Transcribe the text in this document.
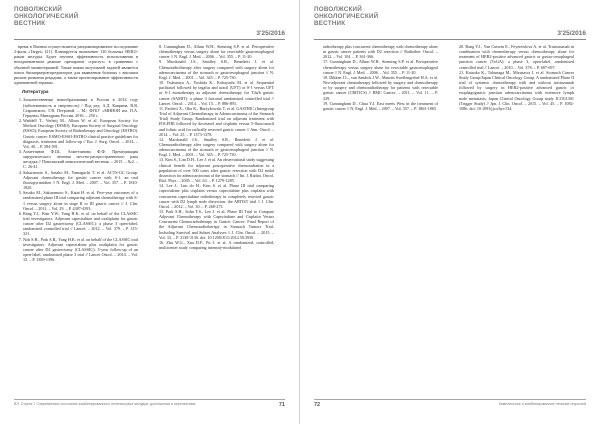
ПОВОЛЖСКИЙ
ОНКОЛОГИЧЕСКИЙ
ВЕСТНИК
3'25/2016

время в Японии осуществляется рандомизированное исследование 2-фазы «Target» [21]. Планируется включение 130 больных HER2+ раком желудка. Будет изучена эффективность использования в неоадъювантном режиме препаратов «трастуз» в сравнении с обычной химиотерапией. Также важна актуальной задачей являются поиск биомаркеров-предикторов для выявления больных с высоким риском развития рецидива, а также прогнозирование эффективности адъювантной терапии.

Литература
1. Злокачественные новообразования в России в 2014 году (заболеваемость и смертность) / Под ред. А.Д. Каприна, В.В. Старинского, Г.В. Петровой. – М.: ФГБУ «МНИОИ им. П.А. Герцена» Минздрава России, 2016. – 250 с.
2. Waddell T., Verheij M., Allum W. et al. European Society for Medical Oncology (ESMO); European Society of Surgical Oncology (ESSO); European Society of Radiotherapy and Oncology (ESTRO). Gastric cancer: ESMO-ESSO-ESTRO clinical practice guidelines for diagnosis, treatment and follow-up // Eur. J. Surg. Oncol. – 2014. – Vol. 40. – P. 584-591.
3. Ахметзянов Ф.Ш., Ахметзянова Ф.Ф. Премедикация хирургического лечения местно-распространенного рака желудка // Поволжский онкологический вестник. – 2015. – №2. – С. 26-41.
4. Sakuramoto S., Sasako M., Yamaguchi T. et al. ACTS-GC Group. Adjuvant chemotherapy for gastric cancer with S-1, an oral fluoropyrimidine // N. Engl. J. Med. – 2007. – Vol. 357. – P. 1810-1820.
5. Sasako M., Sakuramoto S., Katai H. et al. Five-year outcomes of a randomized phase III trial comparing adjuvant chemotherapy with S-1 versus surgery alone in stage II or III gastric cancer // J. Clin. Oncol. – 2011. – Vol. 29. – P. 4387-4393.
6. Bang Y.J., Kim Y.W., Yang H.K. et al. on behalf of the CLASSIC trial investigators. Adjuvant capecitabine and oxaliplatin for gastric cancer after D2 gastrectomy (CLASSIC): a phase 3 open-label, randomised controlled trial // Lancet. – 2012. – Vol. 379. – P. 315-321.
7. Noh S.H., Park S.R., Yang H.K. et al. on behalf of the CLASSIC trial investigators. Adjuvant capecitabine plus oxaliplatin for gastric cancer after D2 gastrectomy (CLASSIC): 5-year follow-up of an open-label, randomised phase 3 trial // Lancet Oncol. – 2014. – Vol. 15. – P. 1389-1396.
8. Cunningham D., Allum W.H., Stenning S.P. et al. Perioperative chemotherapy versus surgery alone for resectable gastroesophageal cancer // N. Engl. J. Med. – 2006. – Vol. 355. – P. 11-20.
9. Macdonald J.S., Smalley S.R., Benedetti J. et al. Chemoradiotherapy after surgery compared with surgery alone for adenocarcinoma of the stomach or gastroesophageal junction // N. Engl. J. Med. – 2001. – Vol. 345. – P. 725-730.
10. Tsuburaya A., Yoshida K., Kobayashi M. et al. Sequential paclitaxel followed by tegafur and uracil (UFT) or S-1 versus UFT or S-1 monotherapy as adjuvant chemotherapy for T4a/b gastric cancer (SAMIT): a phase 3 factorial randomised controlled trial // Lancet. Oncol. – 2014. – Vol. 15. – P. 886-893.
11. Paoletti X., Oba K., Burzykowski T. et al. GASTRIC (Intergroup Trial of Adjuvant Chemotherapy in Adenocarcinoma of the Stomach Trial) Study Group. Randomized trial on adjuvant treatment with FOLFIRI followed by docetaxel and cisplatin versus 5-fluorouracil and folinic acid for radically resected gastric cancer // Ann. Oncol. – 2014. – Vol. 25. – P. 1373-1378.
12. Macdonald J.S., Smalley S.R., Benedetti J. et al. Chemoradiotherapy after surgery compared with surgery alone for adenocarcinoma of the stomach or gastroesophageal junction // N. Engl. J. Med. – 2001. – Vol. 345. – P. 725-730.
13. Kim S., Lim D.H., Lee J. et al. An observational study suggesting clinical benefit for adjuvant postoperative chemoradiation in a population of over 500 cases after gastric resection with D2 nodal dissection for adenocarcinoma of the stomach // Int. J. Radiat. Oncol. Biol. Phys. – 2005. – Vol. 63. – P. 1279-1285.
14. Lee J., Lim do H., Kim S. et al. Phase III trial comparing capecitabine plus cisplatin versus capecitabine plus cisplatin with concurrent capecitabine radiotherapy in completely resected gastric cancer with D2 lymph node dissection: the ARTIST trial // J. Clin. Oncol. – 2012. – Vol. 30. – P. 268-273.
15. Park S.H., Sohn T.S., Lee J. et al. Phase III Trial to Compare Adjuvant Chemotherapy with Capecitabine and Cisplatin Versus Concurrent Chemoradiotherapy in Gastric Cancer: Final Report of the Adjuvant Chemoradiotherapy in Stomach Tumors Trial, Including Survival and Subset Analyses // J. Clin. Oncol. – 2015. – Vol. 33. – P. 3130-3136. doi: 10.1200/JCO.2014.58.3930.
16. Zhu W.G., Xua D.F., Pu J. et al. A randomized, controlled, multicenter study comparing intensity-modulated
ВЛ. Стрелк 7 Современное состояние комбинированного лечения рака желудка: достижения и перспективы	71
ПОВОЛЖСКИЙ
ОНКОЛОГИЧЕСКИЙ
ВЕСТНИК
3'25/2016
radiotherapy plus concurrent chemotherapy with chemotherapy alone in gastric cancer patients with D2 resection // Radiother. Oncol. – 2012. – Vol. 104. – P. 361-366.
17. Cunningham D., Allum W.H., Stenning S.P. et al. Perioperative chemotherapy versus surgery alone for resectable gastroesophageal cancer // N. Engl. J. Med. – 2006. – Vol. 355. – P. 11-20.
18. Dikken J.L., van Sandick J.W., Maurits Swellengrebel H.A. et al. Neo-adjuvant chemotherapy followed by surgery and chemotherapy or by surgery and chemoradiotherapy for patients with resectable gastric cancer (CRITICS) // BMC Cancer. – 2011. – Vol. 11. – P. 329.
19. Cunningham D., Chua Y.J. East meets West in the treatment of gastric cancer // N. Engl. J. Med. – 2007. – Vol. 357. – P. 1863-1865.
20. Bang Y.J., Van Cutsem E., Feyereislova A. et al. Trastuzumab in combination with chemotherapy versus chemotherapy alone for treatment of HER2-positive advanced gastric or gastro-oesophageal junction cancer (ToGA): a phase 3, open-label, randomised controlled trial // Lancet. – 2010. – Vol. 376. – P. 687-697.
21. Kataoka K., Tokunaga M., Mizusawa J. et al. Stomach Cancer Study Group/Japan Clinical Oncology Group. A randomized Phase II trial of systemic chemotherapy with and without trastuzumab followed by surgery in HER2-positive advanced gastric or esophagogastric junction adenocarcinoma with extensive lymph node metastasis: Japan Clinical Oncology Group study JCOG1301 (Trigger Study) // Jpn. J. Clin. Oncol. – 2015. – Vol. 45. – P. 1082-1086. doi: 10.1093/jjco/hyv134.
72	Комплексное и комбинированное лечение опухолей
